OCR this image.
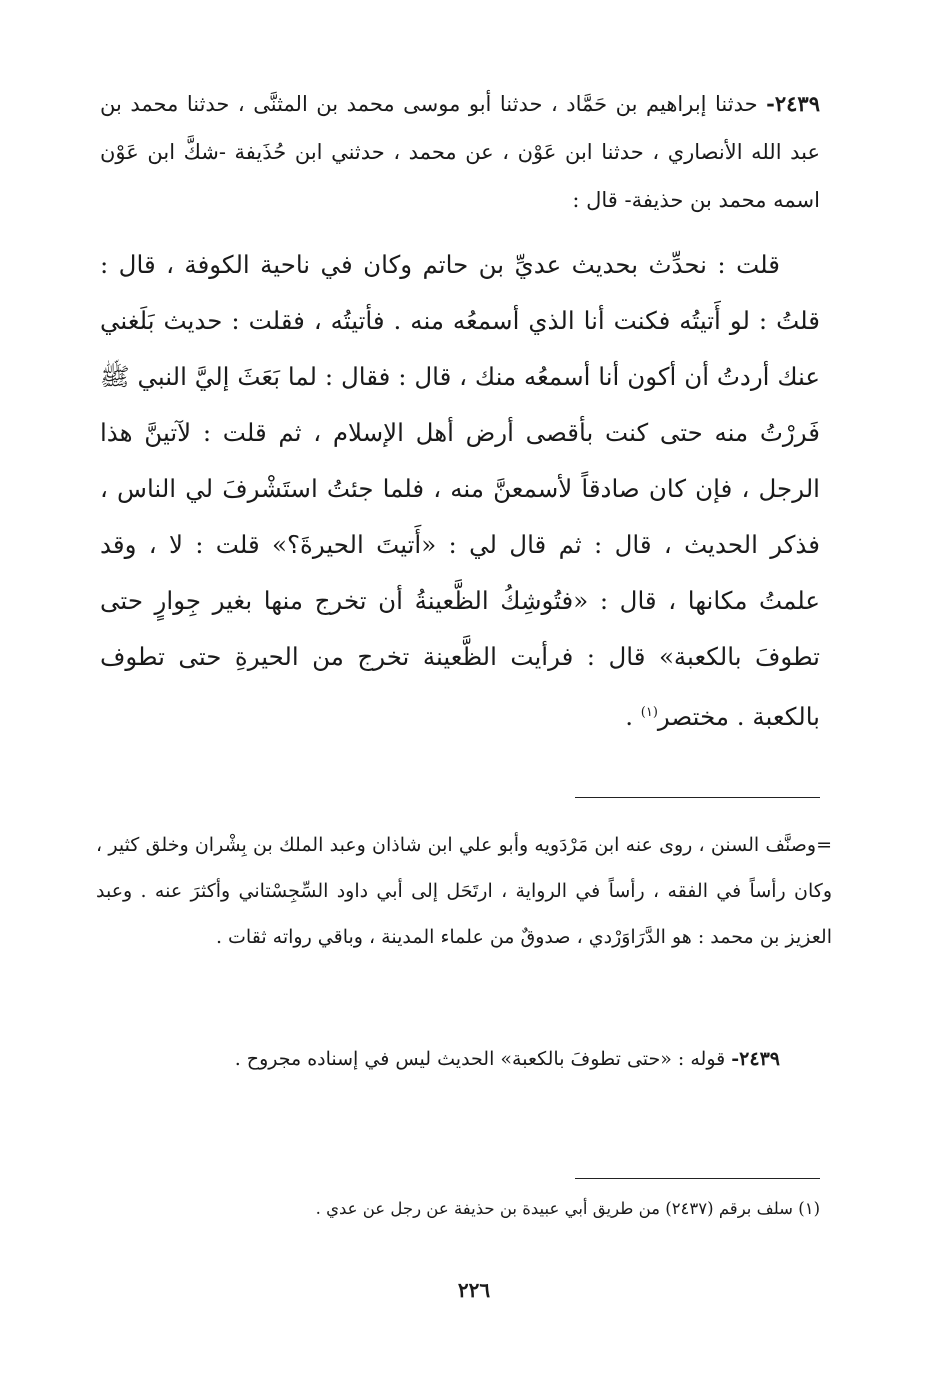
٢٤٣٩- حدثنا إبراهيم بن حَمَّاد ، حدثنا أبو موسى محمد بن المثنَّى ، حدثنا محمد بن عبد الله الأنصاري ، حدثنا ابن عَوْن ، عن محمد ، حدثني ابن حُذَيفة -شكَّ ابن عَوْن اسمه محمد بن حذيفة- قال :

قلت : نحدِّث بحديث عديِّ بن حاتم وكان في ناحية الكوفة ، قال : قلتُ : لو أَتيتُه فكنت أنا الذي أسمعُه منه . فأتيتُه ، فقلت : حديث بَلَغني عنك أردتُ أن أكون أنا أسمعُه منك ، قال : فقال : لما بَعَثَ إليَّ النبي ﷺ فَررْتُ منه حتى كنت بأقصى أرض أهل الإسلام ، ثم قلت : لآتينَّ هذا الرجل ، فإن كان صادقاً لأسمعنَّ منه ، فلما جئتُ استَشْرفَ لي الناس ، فذكر الحديث ، قال : ثم قال لي : «أَتيتَ الحيرةَ؟» قلت : لا ، وقد علمتُ مكانها ، قال : «فتُوشِكُ الظَّعينةُ أن تخرج منها بغير جِوارٍ حتى تطوفَ بالكعبة» قال : فرأيت الظَّعينة تخرج من الحيرةِ حتى تطوف بالكعبة . مختصر$^{(١)}$ .

=وصنَّف السنن ، روى عنه ابن مَرْدَويه وأبو علي ابن شاذان وعبد الملك بن بِشْران وخلق كثير ، وكان رأساً في الفقه ، رأساً في الرواية ، ارتَحَل إلى أبي داود السِّجِسْتاني وأكثرَ عنه . وعبد العزيز بن محمد : هو الدَّرَاوَرْدي ، صدوقٌ من علماء المدينة ، وباقي رواته ثقات .

٢٤٣٩- قوله : «حتى تطوفَ بالكعبة» الحديث ليس في إسناده مجروح .

(١) سلف برقم (٢٤٣٧) من طريق أبي عبيدة بن حذيفة عن رجل عن عدي .

٢٢٦
